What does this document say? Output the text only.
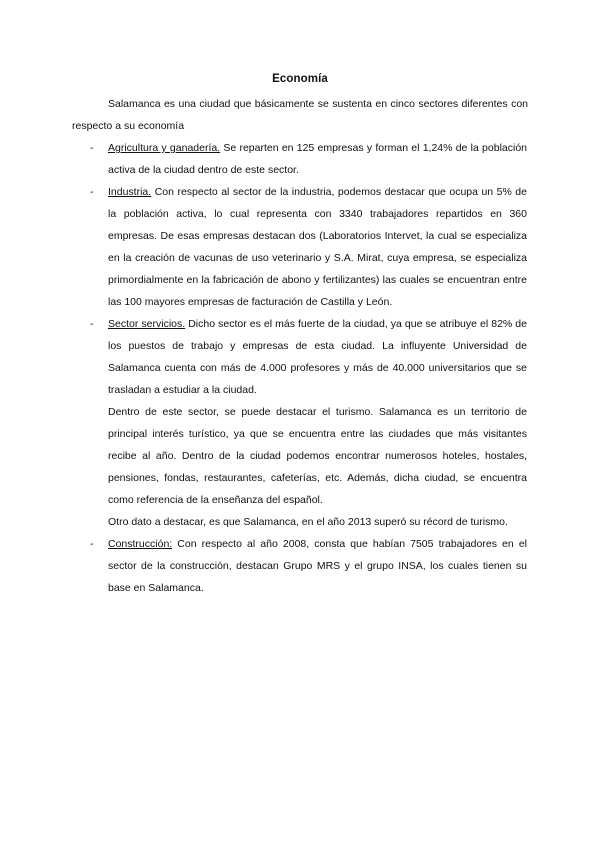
Economía

Salamanca es una ciudad que básicamente se sustenta en cinco sectores diferentes con respecto a su economía

- Agricultura y ganadería. Se reparten en 125 empresas y forman el 1,24% de la población activa de la ciudad dentro de este sector.

- Industria. Con respecto al sector de la industria, podemos destacar que ocupa un 5% de la población activa, lo cual representa con 3340 trabajadores repartidos en 360 empresas. De esas empresas destacan dos (Laboratorios Intervet, la cual se especializa en la creación de vacunas de uso veterinario y S.A. Mirat, cuya empresa, se especializa primordialmente en la fabricación de abono y fertilizantes) las cuales se encuentran entre las 100 mayores empresas de facturación de Castilla y León.

- Sector servicios. Dicho sector es el más fuerte de la ciudad, ya que se atribuye el 82% de los puestos de trabajo y empresas de esta ciudad. La influyente Universidad de Salamanca cuenta con más de 4.000 profesores y más de 40.000 universitarios que se trasladan a estudiar a la ciudad.

Dentro de este sector, se puede destacar el turismo. Salamanca es un territorio de principal interés turístico, ya que se encuentra entre las ciudades que más visitantes recibe al año. Dentro de la ciudad podemos encontrar numerosos hoteles, hostales, pensiones, fondas, restaurantes, cafeterías, etc. Además, dicha ciudad, se encuentra como referencia de la enseñanza del español.

Otro dato a destacar, es que Salamanca, en el año 2013 superó su récord de turismo.

- Construcción: Con respecto al año 2008, consta que habían 7505 trabajadores en el sector de la construcción, destacan Grupo MRS y el grupo INSA, los cuales tienen su base en Salamanca.
